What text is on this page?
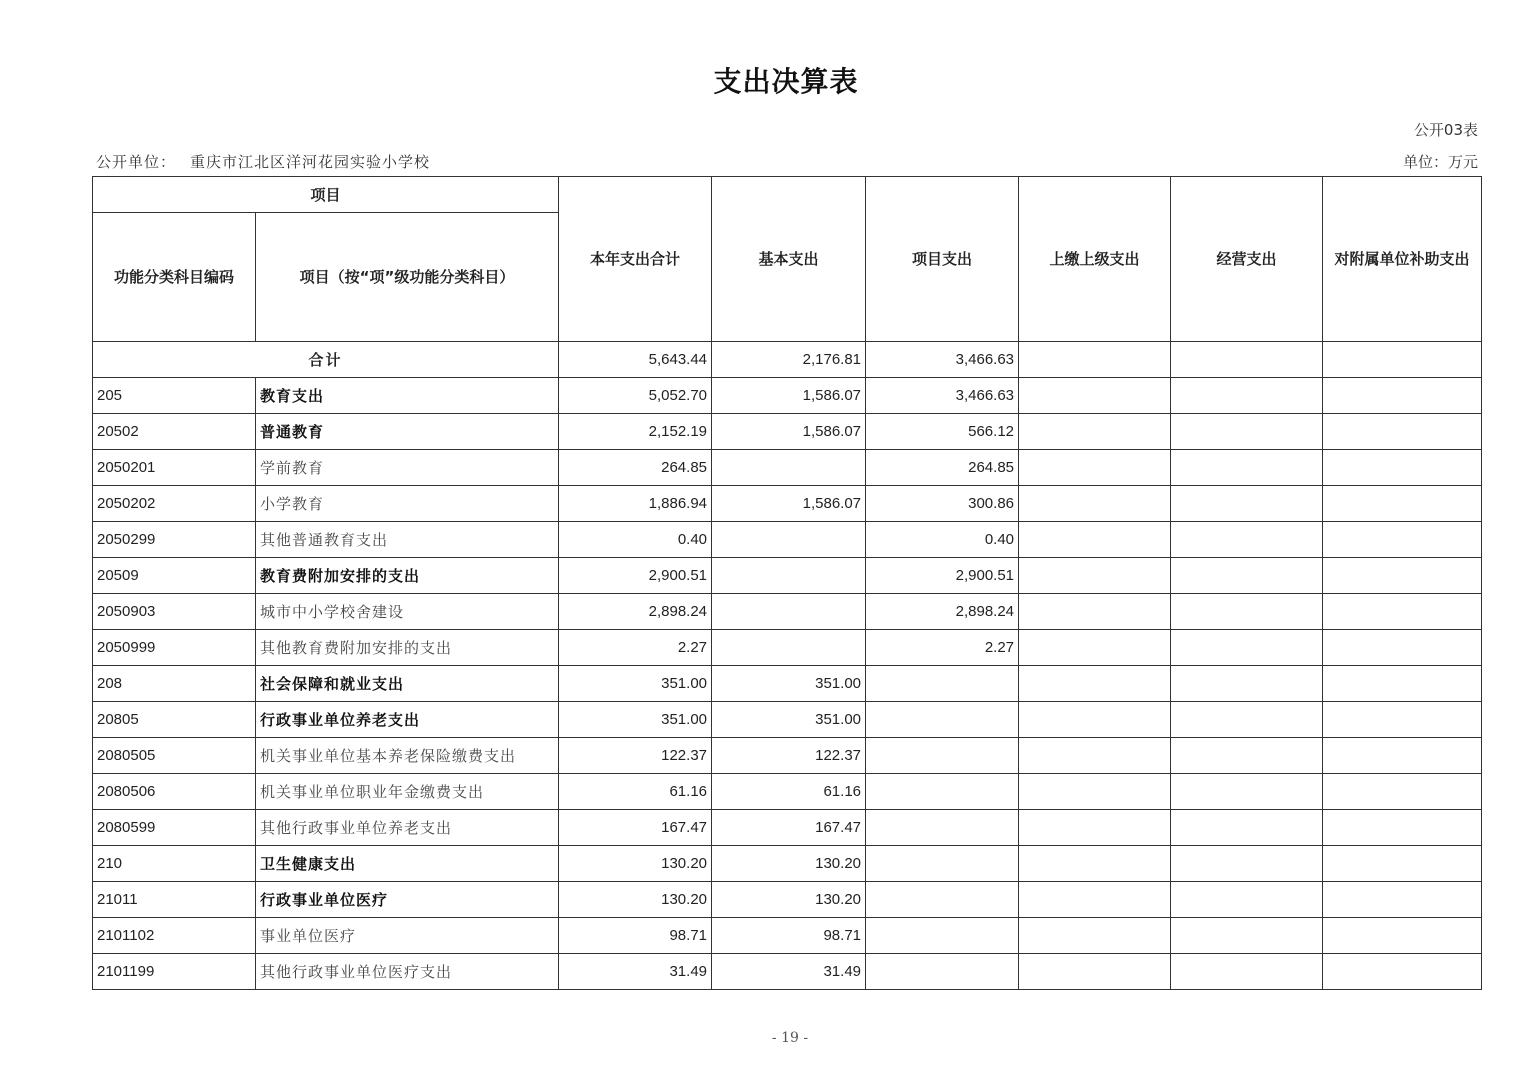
支出决算表
公开03表
公开单位： 重庆市江北区洋河花园实验小学校	单位：万元
项目		本年支出合计	基本支出	项目支出	上缴上级支出	经营支出	对附属单位补助支出
功能分类科目编码	项目（按“项”级功能分类科目）						
合计		5,643.44	2,176.81	3,466.63			
205	教育支出	5,052.70	1,586.07	3,466.63			
20502	普通教育	2,152.19	1,586.07	566.12			
2050201	学前教育	264.85		264.85			
2050202	小学教育	1,886.94	1,586.07	300.86			
2050299	其他普通教育支出	0.40		0.40			
20509	教育费附加安排的支出	2,900.51		2,900.51			
2050903	城市中小学校舍建设	2,898.24		2,898.24			
2050999	其他教育费附加安排的支出	2.27		2.27			
208	社会保障和就业支出	351.00	351.00				
20805	行政事业单位养老支出	351.00	351.00				
2080505	机关事业单位基本养老保险缴费支出	122.37	122.37				
2080506	机关事业单位职业年金缴费支出	61.16	61.16				
2080599	其他行政事业单位养老支出	167.47	167.47				
210	卫生健康支出	130.20	130.20				
21011	行政事业单位医疗	130.20	130.20				
2101102	事业单位医疗	98.71	98.71				
2101199	其他行政事业单位医疗支出	31.49	31.49				
- 19 -
